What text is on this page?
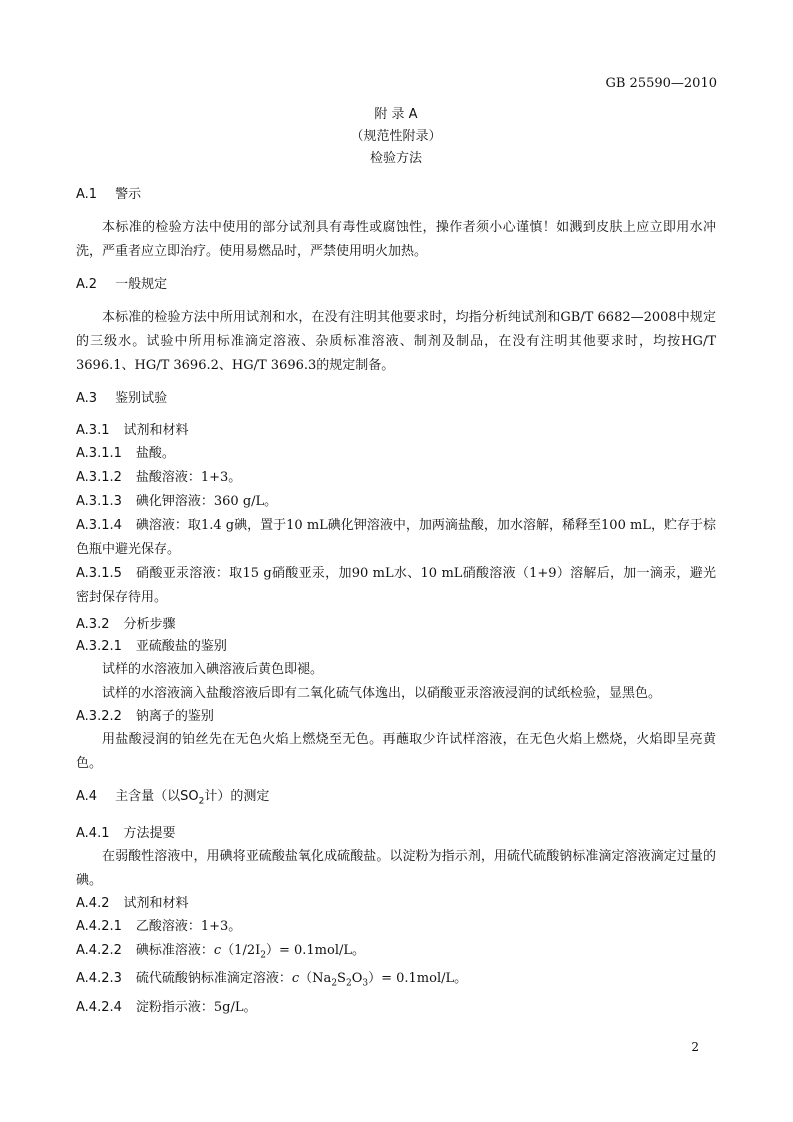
GB 25590—2010
附 录 A
（规范性附录）
检验方法
A.1 警示

本标准的检验方法中使用的部分试剂具有毒性或腐蚀性，操作者须小心谨慎！如溅到皮肤上应立即用水冲洗，严重者应立即治疗。使用易燃品时，严禁使用明火加热。

A.2 一般规定

本标准的检验方法中所用试剂和水，在没有注明其他要求时，均指分析纯试剂和GB/T 6682—2008中规定的三级水。试验中所用标准滴定溶液、杂质标准溶液、制剂及制品，在没有注明其他要求时，均按HG/T 3696.1、HG/T 3696.2、HG/T 3696.3的规定制备。

A.3 鉴别试验
A.3.1 试剂和材料

A.3.1.1 盐酸。

A.3.1.2 盐酸溶液：1+3。

A.3.1.3 碘化钾溶液：360 g/L。

A.3.1.4 碘溶液：取1.4 g碘，置于10 mL碘化钾溶液中，加两滴盐酸，加水溶解，稀释至100 mL，贮存于棕色瓶中避光保存。

A.3.1.5 硝酸亚汞溶液：取15 g硝酸亚汞，加90 mL水、10 mL硝酸溶液（1+9）溶解后，加一滴汞，避光密封保存待用。

A.3.2 分析步骤
A.3.2.1 亚硫酸盐的鉴别

试样的水溶液加入碘溶液后黄色即褪。

试样的水溶液滴入盐酸溶液后即有二氧化硫气体逸出，以硝酸亚汞溶液浸润的试纸检验，显黑色。

A.3.2.2 钠离子的鉴别

用盐酸浸润的铂丝先在无色火焰上燃烧至无色。再蘸取少许试样溶液，在无色火焰上燃烧，火焰即呈亮黄色。

A.4 主含量（以$SO_2$计）的测定
A.4.1 方法提要

在弱酸性溶液中，用碘将亚硫酸盐氧化成硫酸盐。以淀粉为指示剂，用硫代硫酸钠标准滴定溶液滴定过量的碘。

A.4.2 试剂和材料

A.4.2.1 乙酸溶液：1+3。

A.4.2.2 碘标准溶液：$c(1/2I_2)= 0.1mol/L$。

A.4.2.3 硫代硫酸钠标准滴定溶液：$c(Na_2S_2O_3)= 0.1mol/L$。

A.4.2.4 淀粉指示液：5g/L。

2
